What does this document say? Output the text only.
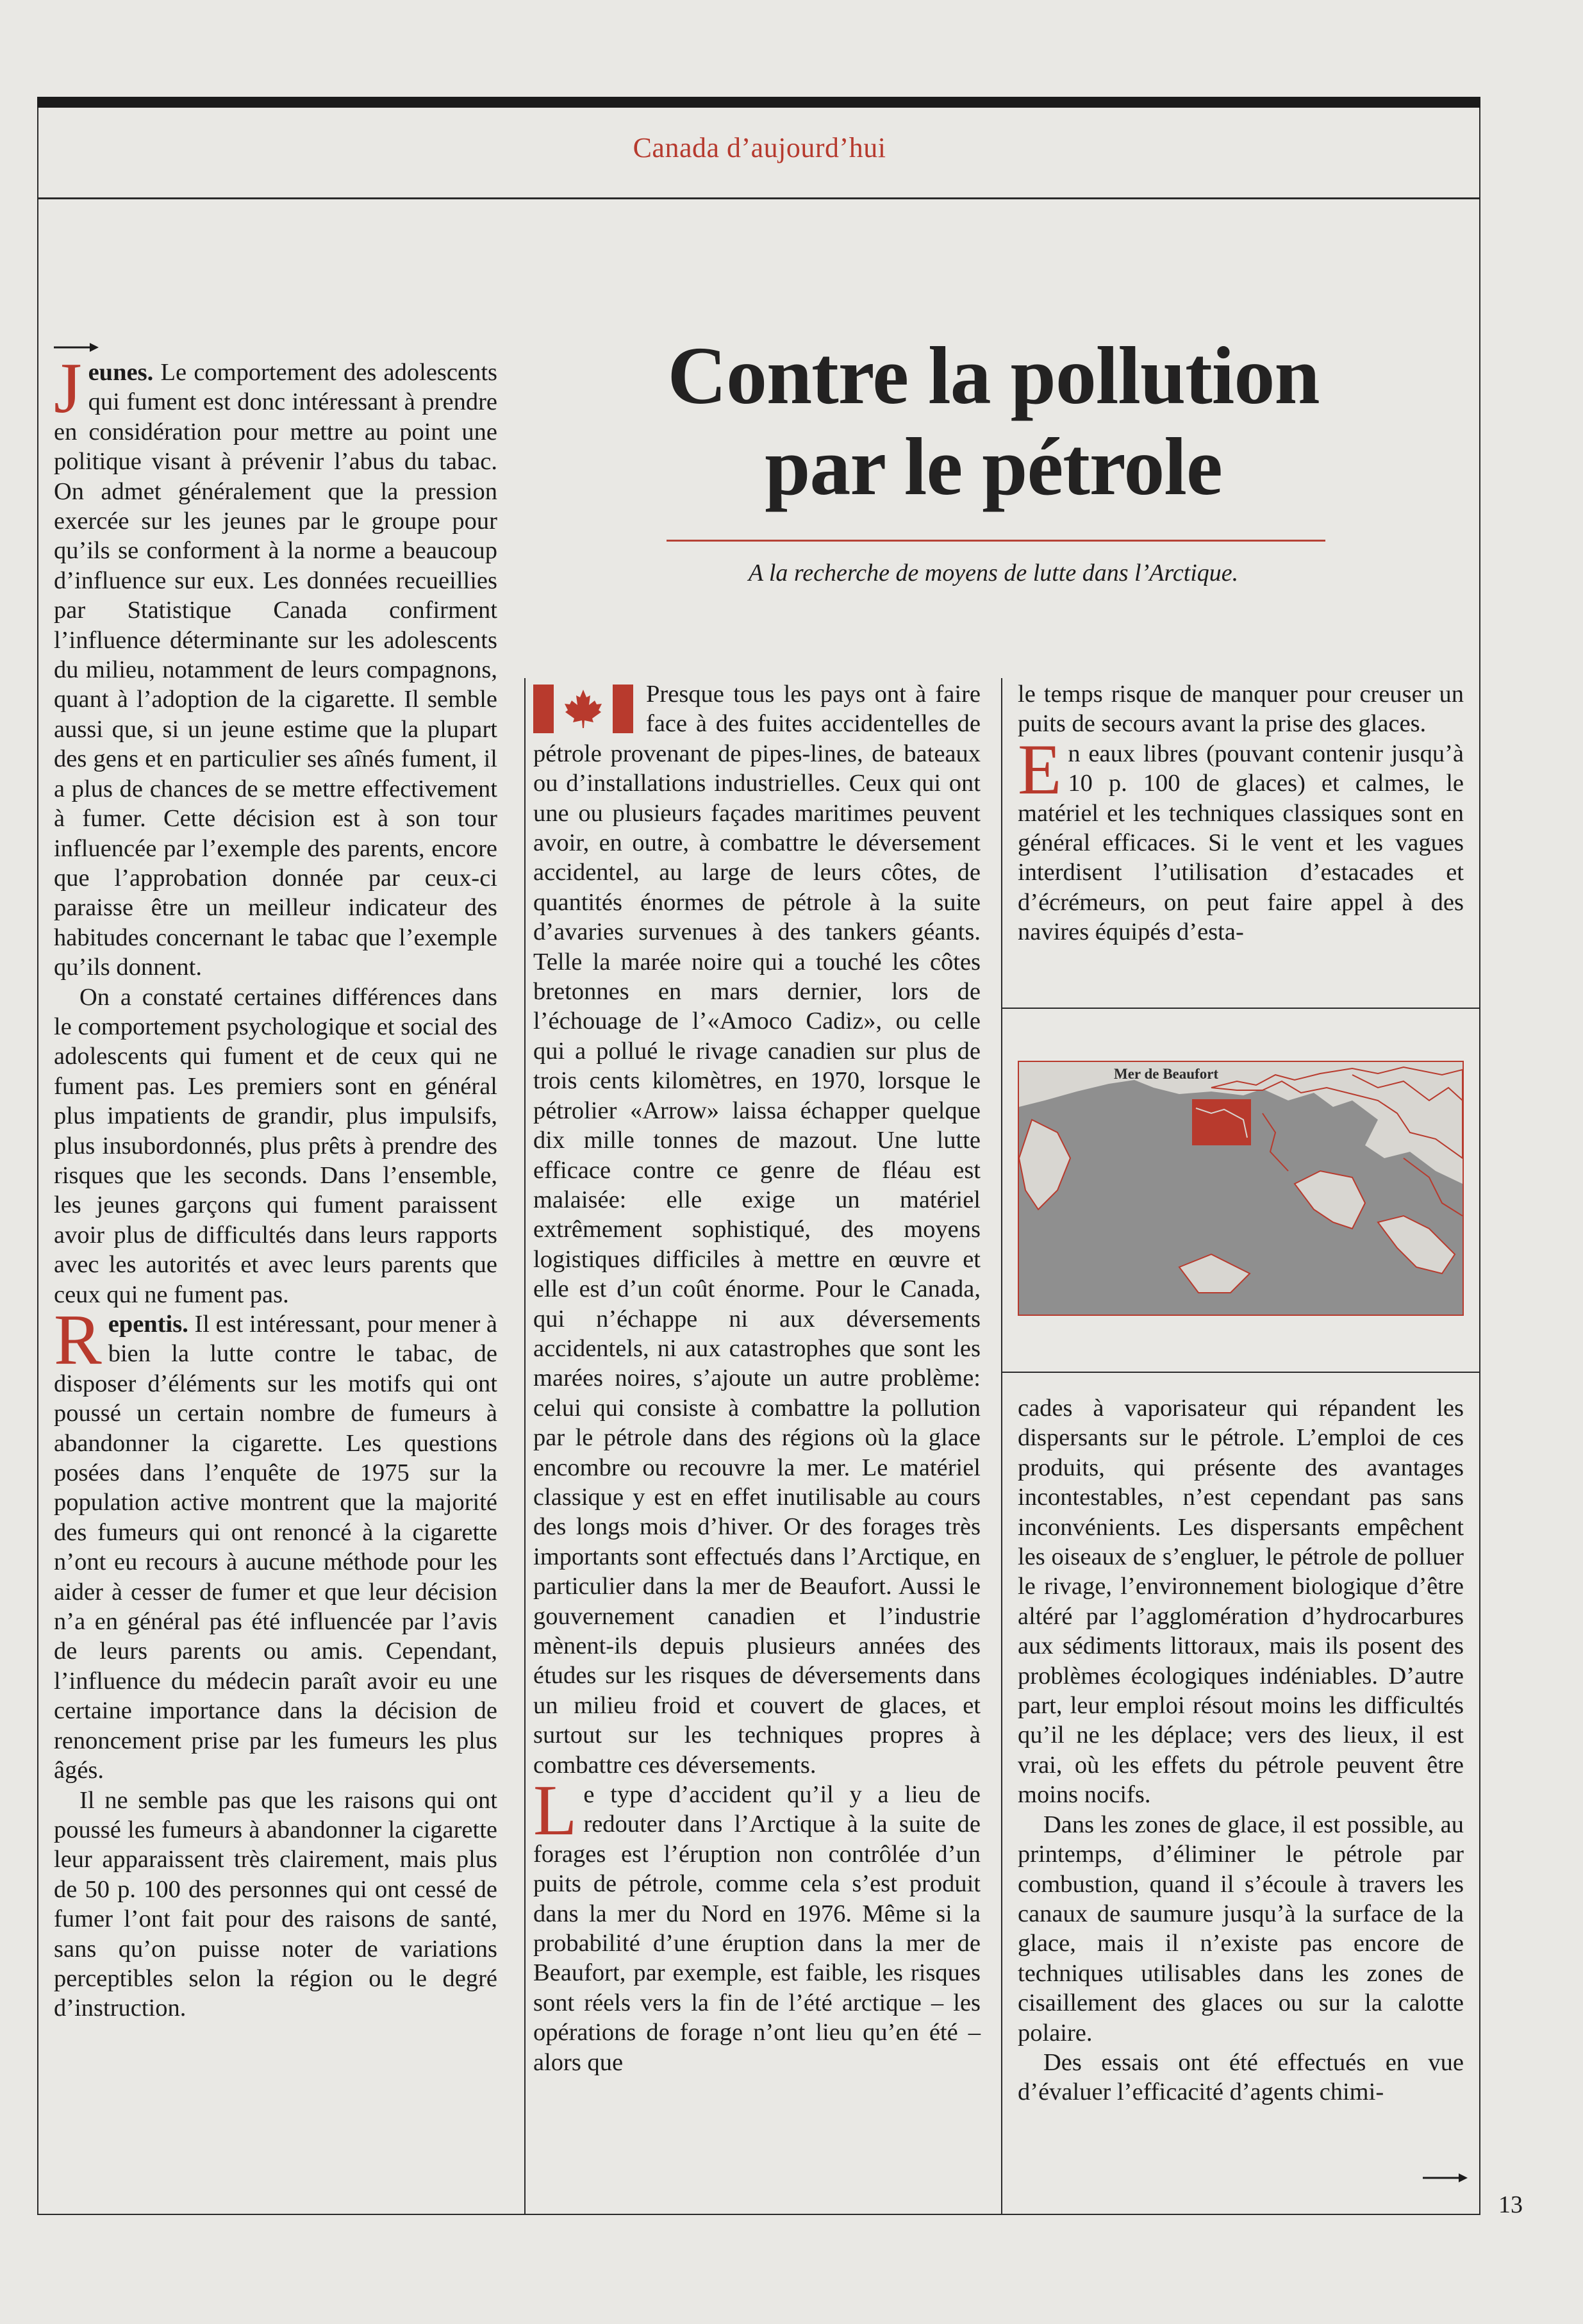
Canada d’aujourd’hui

Jeunes. Le comportement des adolescents qui fument est donc intéressant à prendre en considération pour mettre au point une politique visant à prévenir l’abus du tabac. On admet généralement que la pression exercée sur les jeunes par le groupe pour qu’ils se conforment à la norme a beaucoup d’influence sur eux. Les données recueillies par Statistique Canada confirment l’influence déterminante sur les adolescents du milieu, notamment de leurs compagnons, quant à l’adoption de la cigarette. Il semble aussi que, si un jeune estime que la plupart des gens et en particulier ses aînés fument, il a plus de chances de se mettre effectivement à fumer. Cette décision est à son tour influencée par l’exemple des parents, encore que l’approbation donnée par ceux-ci paraisse être un meilleur indicateur des habitudes concernant le tabac que l’exemple qu’ils donnent.

On a constaté certaines différences dans le comportement psychologique et social des adolescents qui fument et de ceux qui ne fument pas. Les premiers sont en général plus impatients de grandir, plus impulsifs, plus insubordonnés, plus prêts à prendre des risques que les seconds. Dans l’ensemble, les jeunes garçons qui fument paraissent avoir plus de difficultés dans leurs rapports avec les autorités et avec leurs parents que ceux qui ne fument pas.

Repentis. Il est intéressant, pour mener à bien la lutte contre le tabac, de disposer d’éléments sur les motifs qui ont poussé un certain nombre de fumeurs à abandonner la cigarette. Les questions posées dans l’enquête de 1975 sur la population active montrent que la majorité des fumeurs qui ont renoncé à la cigarette n’ont eu recours à aucune méthode pour les aider à cesser de fumer et que leur décision n’a en général pas été influencée par l’avis de leurs parents ou amis. Cependant, l’influence du médecin paraît avoir eu une certaine importance dans la décision de renoncement prise par les fumeurs les plus âgés.

Il ne semble pas que les raisons qui ont poussé les fumeurs à abandonner la cigarette leur apparaissent très clairement, mais plus de 50 p. 100 des personnes qui ont cessé de fumer l’ont fait pour des raisons de santé, sans qu’on puisse noter de variations perceptibles selon la région ou le degré d’instruction.

Contre la pollution
par le pétrole
A la recherche de moyens de lutte dans l’Arctique.

Presque tous les pays ont à faire face à des fuites accidentelles de pétrole provenant de pipes-lines, de bateaux ou d’installations industrielles. Ceux qui ont une ou plusieurs façades maritimes peuvent avoir, en outre, à combattre le déversement accidentel, au large de leurs côtes, de quantités énormes de pétrole à la suite d’avaries survenues à des tankers géants. Telle la marée noire qui a touché les côtes bretonnes en mars dernier, lors de l’échouage de l’«Amoco Cadiz», ou celle qui a pollué le rivage canadien sur plus de trois cents kilomètres, en 1970, lorsque le pétrolier «Arrow» laissa échapper quelque dix mille tonnes de mazout. Une lutte efficace contre ce genre de fléau est malaisée: elle exige un matériel extrêmement sophistiqué, des moyens logistiques difficiles à mettre en œuvre et elle est d’un coût énorme. Pour le Canada, qui n’échappe ni aux déversements accidentels, ni aux catastrophes que sont les marées noires, s’ajoute un autre problème: celui qui consiste à combattre la pollution par le pétrole dans des régions où la glace encombre ou recouvre la mer. Le matériel classique y est en effet inutilisable au cours des longs mois d’hiver. Or des forages très importants sont effectués dans l’Arctique, en particulier dans la mer de Beaufort. Aussi le gouvernement canadien et l’industrie mènent-ils depuis plusieurs années des études sur les risques de déversements dans un milieu froid et couvert de glaces, et surtout sur les techniques propres à combattre ces déversements.

Le type d’accident qu’il y a lieu de redouter dans l’Arctique à la suite de forages est l’éruption non contrôlée d’un puits de pétrole, comme cela s’est produit dans la mer du Nord en 1976. Même si la probabilité d’une éruption dans la mer de Beaufort, par exemple, est faible, les risques sont réels vers la fin de l’été arctique – les opérations de forage n’ont lieu qu’en été – alors que

le temps risque de manquer pour creuser un puits de secours avant la prise des glaces.

En eaux libres (pouvant contenir jusqu’à 10 p. 100 de glaces) et calmes, le matériel et les techniques classiques sont en général efficaces. Si le vent et les vagues interdisent l’utilisation d’estacades et d’écrémeurs, on peut faire appel à des navires équipés d’esta-

Mer de Beaufort

cades à vaporisateur qui répandent les dispersants sur le pétrole. L’emploi de ces produits, qui présente des avantages incontestables, n’est cependant pas sans inconvénients. Les dispersants empêchent les oiseaux de s’engluer, le pétrole de polluer le rivage, l’environnement biologique d’être altéré par l’agglomération d’hydrocarbures aux sédiments littoraux, mais ils posent des problèmes écologiques indéniables. D’autre part, leur emploi résout moins les difficultés qu’il ne les déplace; vers des lieux, il est vrai, où les effets du pétrole peuvent être moins nocifs.

Dans les zones de glace, il est possible, au printemps, d’éliminer le pétrole par combustion, quand il s’écoule à travers les canaux de saumure jusqu’à la surface de la glace, mais il n’existe pas encore de techniques utilisables dans les zones de cisaillement des glaces ou sur la calotte polaire.

Des essais ont été effectués en vue d’évaluer l’efficacité d’agents chimi-

13
